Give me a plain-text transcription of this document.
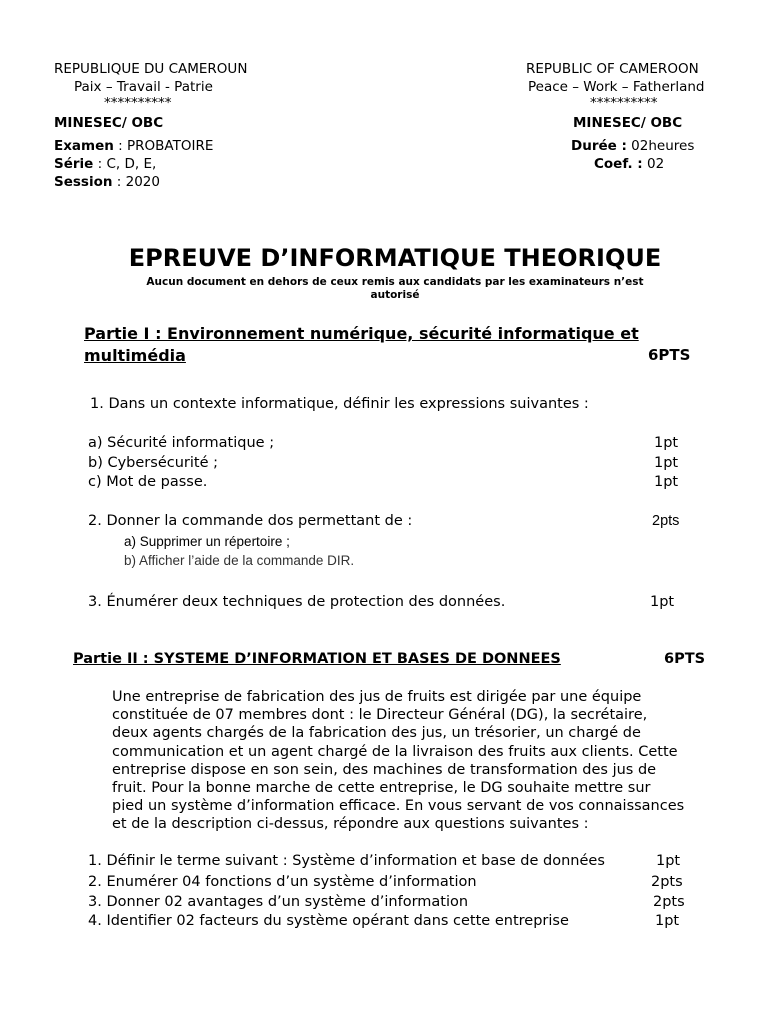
REPUBLIQUE DU CAMEROUN
Paix – Travail - Patrie
**********
MINESEC/ OBC
REPUBLIC OF CAMEROON
Peace – Work – Fatherland
**********
MINESEC/ OBC
Examen : PROBATOIRE
Série : C, D, E,
Session : 2020
Durée : 02heures
Coef. : 02
EPREUVE D’INFORMATIQUE THEORIQUE
Aucun document en dehors de ceux remis aux candidats par les examinateurs n’est
autorisé
Partie I : Environnement numérique, sécurité informatique et
multimédia	6PTS
1. Dans un contexte informatique, définir les expressions suivantes :
a) Sécurité informatique ;	1pt
b) Cybersécurité ;	1pt
c) Mot de passe.	1pt
2. Donner la commande dos permettant de :	2pts
a) Supprimer un répertoire ;
b) Afficher l’aide de la commande DIR.
3. Énumérer deux techniques de protection des données.	1pt
Partie II : SYSTEME D’INFORMATION ET BASES DE DONNEES	6PTS
Une entreprise de fabrication des jus de fruits est dirigée par une équipe
constituée de 07 membres dont : le Directeur Général (DG), la secrétaire,
deux agents chargés de la fabrication des jus, un trésorier, un chargé de
communication et un agent chargé de la livraison des fruits aux clients. Cette
entreprise dispose en son sein, des machines de transformation des jus de
fruit. Pour la bonne marche de cette entreprise, le DG souhaite mettre sur
pied un système d’information efficace. En vous servant de vos connaissances
et de la description ci-dessus, répondre aux questions suivantes :
1. Définir le terme suivant : Système d’information et base de données	1pt
2. Enumérer 04 fonctions d’un système d’information	2pts
3. Donner 02 avantages d’un système d’information	2pts
4. Identifier 02 facteurs du système opérant dans cette entreprise	1pt
